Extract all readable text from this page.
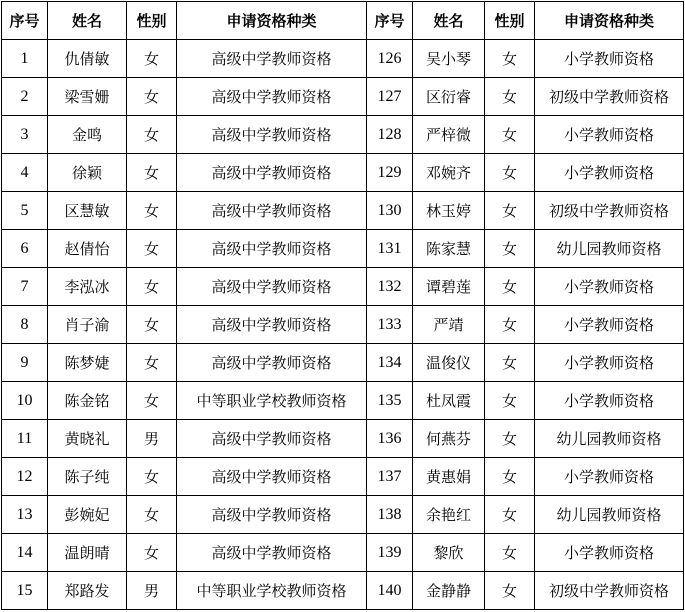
序号	姓名	性别	申请资格种类	序号	姓名	性别	申请资格种类
1	仇倩敏	女	高级中学教师资格	126	吴小琴	女	小学教师资格
2	梁雪姗	女	高级中学教师资格	127	区衍睿	女	初级中学教师资格
3	金鸣	女	高级中学教师资格	128	严梓微	女	小学教师资格
4	徐颖	女	高级中学教师资格	129	邓婉齐	女	小学教师资格
5	区慧敏	女	高级中学教师资格	130	林玉婷	女	初级中学教师资格
6	赵倩怡	女	高级中学教师资格	131	陈家慧	女	幼儿园教师资格
7	李泓冰	女	高级中学教师资格	132	谭碧莲	女	小学教师资格
8	肖子渝	女	高级中学教师资格	133	严靖	女	小学教师资格
9	陈梦婕	女	高级中学教师资格	134	温俊仪	女	小学教师资格
10	陈金铭	女	中等职业学校教师资格	135	杜凤霞	女	小学教师资格
11	黄晓礼	男	高级中学教师资格	136	何燕芬	女	幼儿园教师资格
12	陈子纯	女	高级中学教师资格	137	黄惠娟	女	小学教师资格
13	彭婉妃	女	高级中学教师资格	138	余艳红	女	幼儿园教师资格
14	温朗晴	女	高级中学教师资格	139	黎欣	女	小学教师资格
15	郑路发	男	中等职业学校教师资格	140	金静静	女	初级中学教师资格
